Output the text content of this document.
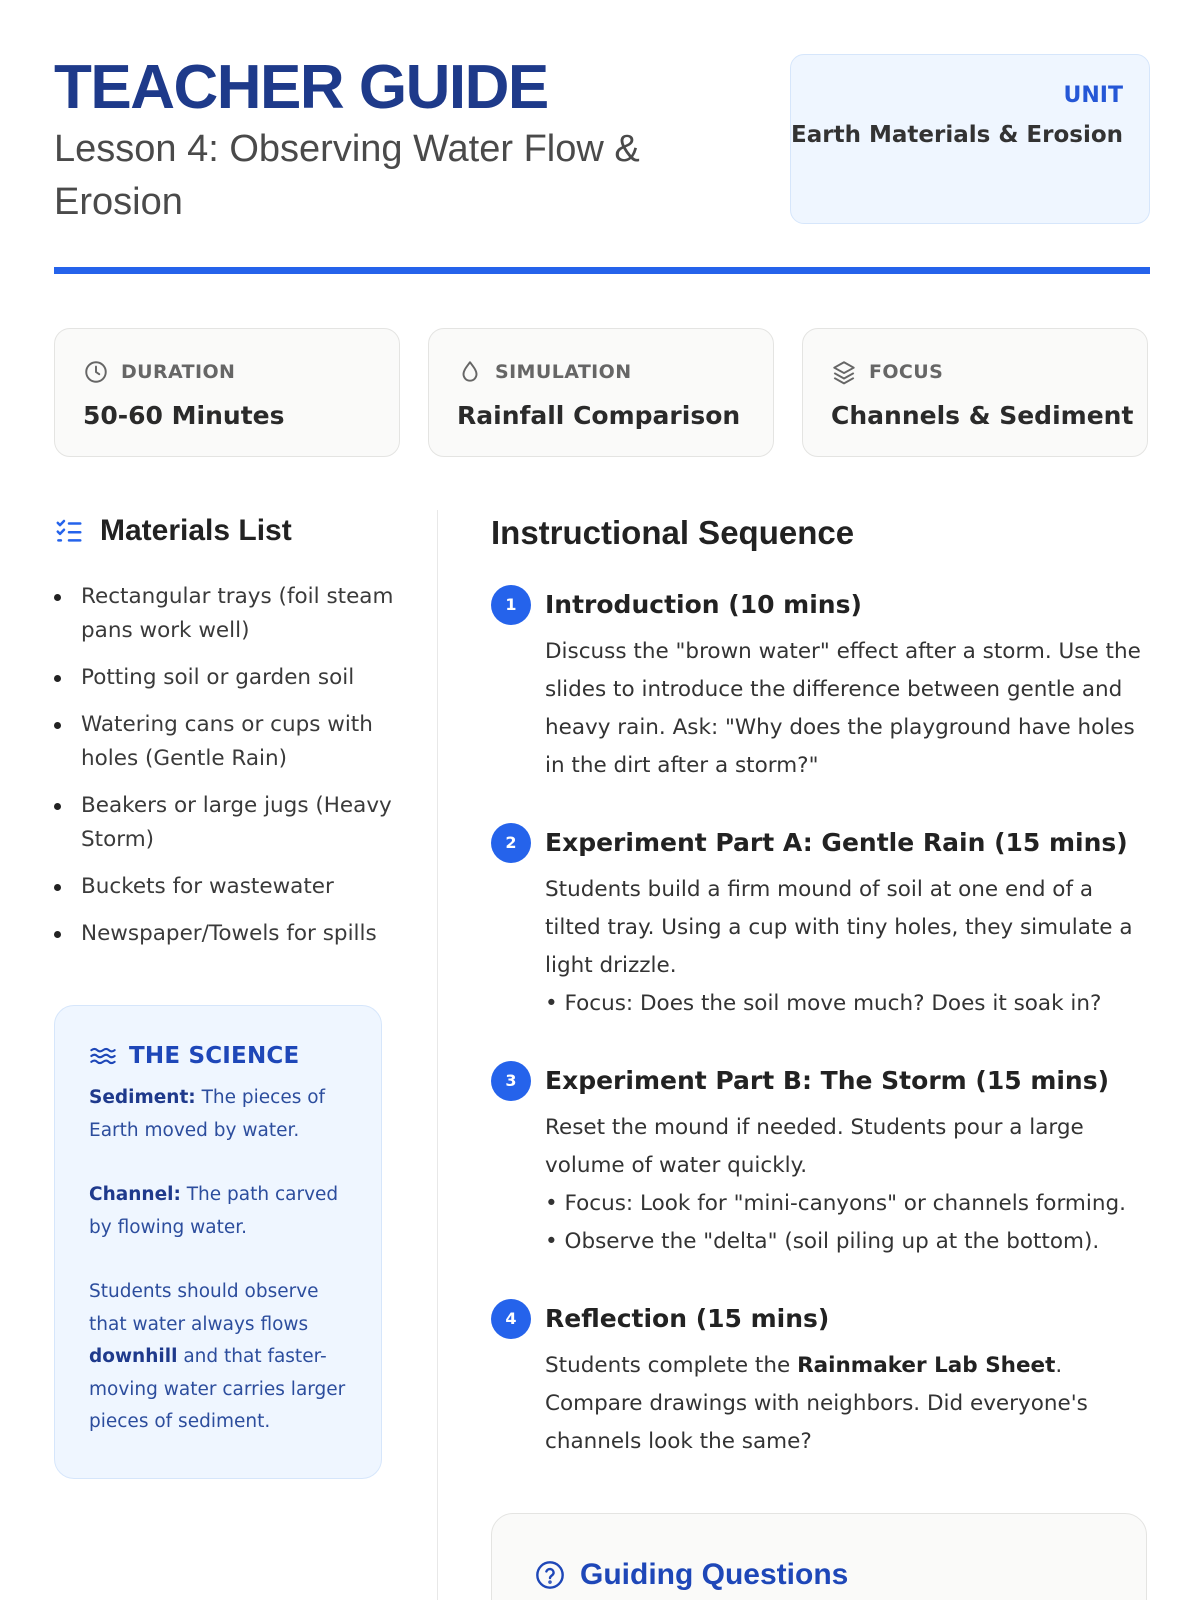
TEACHER GUIDE
Lesson 4: Observing Water Flow & Erosion
UNIT
Earth Materials & Erosion
DURATION
50-60 Minutes
SIMULATION
Rainfall Comparison
FOCUS
Channels & Sediment
Materials List
Rectangular trays (foil steam pans work well)
Potting soil or garden soil
Watering cans or cups with holes (Gentle Rain)
Beakers or large jugs (Heavy Storm)
Buckets for wastewater
Newspaper/Towels for spills
THE SCIENCE
Sediment: The pieces of Earth moved by water.
Channel: The path carved by flowing water.
Students should observe that water always flows downhill and that faster-moving water carries larger pieces of sediment.
Instructional Sequence
1	Introduction (10 mins)
Discuss the "brown water" effect after a storm. Use the slides to introduce the difference between gentle and heavy rain. Ask: "Why does the playground have holes in the dirt after a storm?"
2	Experiment Part A: Gentle Rain (15 mins)
Students build a firm mound of soil at one end of a tilted tray. Using a cup with tiny holes, they simulate a light drizzle.
• Focus: Does the soil move much? Does it soak in?
3	Experiment Part B: The Storm (15 mins)
Reset the mound if needed. Students pour a large volume of water quickly.
• Focus: Look for "mini-canyons" or channels forming.
• Observe the "delta" (soil piling up at the bottom).
4	Reflection (15 mins)
Students complete the Rainmaker Lab Sheet. Compare drawings with neighbors. Did everyone's channels look the same?
Guiding Questions
